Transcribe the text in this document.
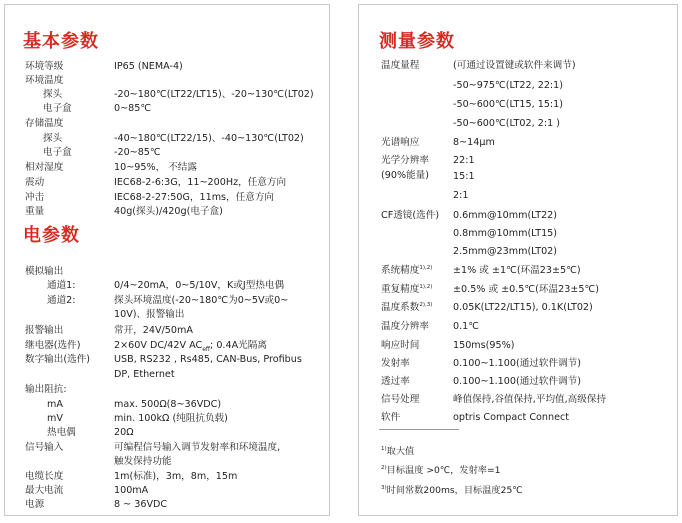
基本参数
环境等级	IP65 (NEMA-4)
环境温度
探头	-20~180℃(LT22/LT15)、-20~130℃(LT02)
电子盒	0~85℃
存储温度
探头	-40~180℃(LT22/15)、-40~130℃(LT02)
电子盒	-20~85℃
相对湿度	10~95%， 不结露
震动	IEC68-2-6:3G，11~200Hz，任意方向
冲击	IEC68-2-27:50G，11ms，任意方向
重量	40g(探头)/420g(电子盒)
电参数
模拟输出
通道1:	0/4~20mA，0~5/10V，K或J型热电偶
通道2:	探头环境温度(-20~180℃为0~5V或0~
10V)、报警输出
报警输出	常开，24V/50mA
继电器(选件)	2×60V DC/42V $AC_{eff}$; 0.4A光隔离
数字输出(选件) USB, RS232 , Rs485, CAN-Bus, Profibus
DP, Ethernet
输出阻抗:
mA	max. 500Ω(8~36VDC)
mV	min. 100kΩ (纯阻抗负载)
热电偶	20Ω
信号输入	可编程信号输入调节发射率和环境温度,
触发保持功能
电缆长度	1m(标准)，3m，8m，15m
最大电流	100mA
电源	8 ~ 36VDC
测量参数
温度量程	(可通过设置键或软件来调节)
-50~975℃(LT22, 22:1)
-50~600℃(LT15, 15:1)
-50~600℃(LT02, 2:1 )
光谱响应	8~14μm
光学分辨率	22:1
(90%能量)	15:1
2:1
CF透镜(选件) 0.6mm@10mm(LT22)
0.8mm@10mm(LT15)
2.5mm@23mm(LT02)
系统精度$^{1),2)}$ ±1% 或 ±1℃(环温23±5℃)
重复精度$^{1),2)}$ ±0.5% 或 ±0.5℃(环温23±5℃)
温度系数$^{2),3)}$ 0.05K(LT22/LT15), 0.1K(LT02)
温度分辨率	0.1℃
响应时间	150ms(95%)
发射率	0.100~1.100(通过软件调节)
透过率	0.100~1.100(通过软件调节)
信号处理	峰值保持,谷值保持,平均值,高级保持
软件	optris Compact Connect
$^{1)}$取大值
$^{2)}$目标温度 >0℃，发射率=1
$^{3)}$时间常数200ms，目标温度25℃
